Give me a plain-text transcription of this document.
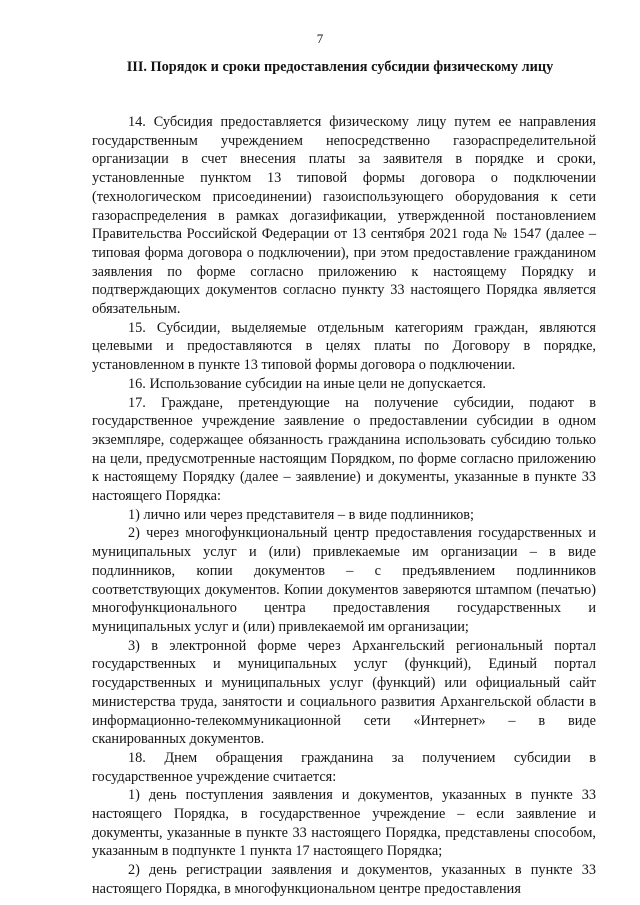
7
III. Порядок и сроки предоставления субсидии физическому лицу

14. Субсидия предоставляется физическому лицу путем ее направления государственным учреждением непосредственно газораспределительной организации в счет внесения платы за заявителя в порядке и сроки, установленные пунктом 13 типовой формы договора о подключении (технологическом присоединении) газоиспользующего оборудования к сети газораспределения в рамках догазификации, утвержденной постановлением Правительства Российской Федерации от 13 сентября 2021 года № 1547 (далее – типовая форма договора о подключении), при этом предоставление гражданином заявления по форме согласно приложению к настоящему Порядку и подтверждающих документов согласно пункту 33 настоящего Порядка является обязательным.

15. Субсидии, выделяемые отдельным категориям граждан, являются целевыми и предоставляются в целях платы по Договору в порядке, установленном в пункте 13 типовой формы договора о подключении.

16. Использование субсидии на иные цели не допускается.

17. Граждане, претендующие на получение субсидии, подают в государственное учреждение заявление о предоставлении субсидии в одном экземпляре, содержащее обязанность гражданина использовать субсидию только на цели, предусмотренные настоящим Порядком, по форме согласно приложению к настоящему Порядку (далее – заявление) и документы, указанные в пункте 33 настоящего Порядка:

1) лично или через представителя – в виде подлинников;

2) через многофункциональный центр предоставления государственных и муниципальных услуг и (или) привлекаемые им организации – в виде подлинников, копии документов – с предъявлением подлинников соответствующих документов. Копии документов заверяются штампом (печатью) многофункционального центра предоставления государственных и муниципальных услуг и (или) привлекаемой им организации;

3) в электронной форме через Архангельский региональный портал государственных и муниципальных услуг (функций), Единый портал государственных и муниципальных услуг (функций) или официальный сайт министерства труда, занятости и социального развития Архангельской области в информационно-телекоммуникационной сети «Интернет» – в виде сканированных документов.

18. Днем обращения гражданина за получением субсидии в государственное учреждение считается:

1) день поступления заявления и документов, указанных в пункте 33 настоящего Порядка, в государственное учреждение – если заявление и документы, указанные в пункте 33 настоящего Порядка, представлены способом, указанным в подпункте 1 пункта 17 настоящего Порядка;

2) день регистрации заявления и документов, указанных в пункте 33 настоящего Порядка, в многофункциональном центре предоставления
